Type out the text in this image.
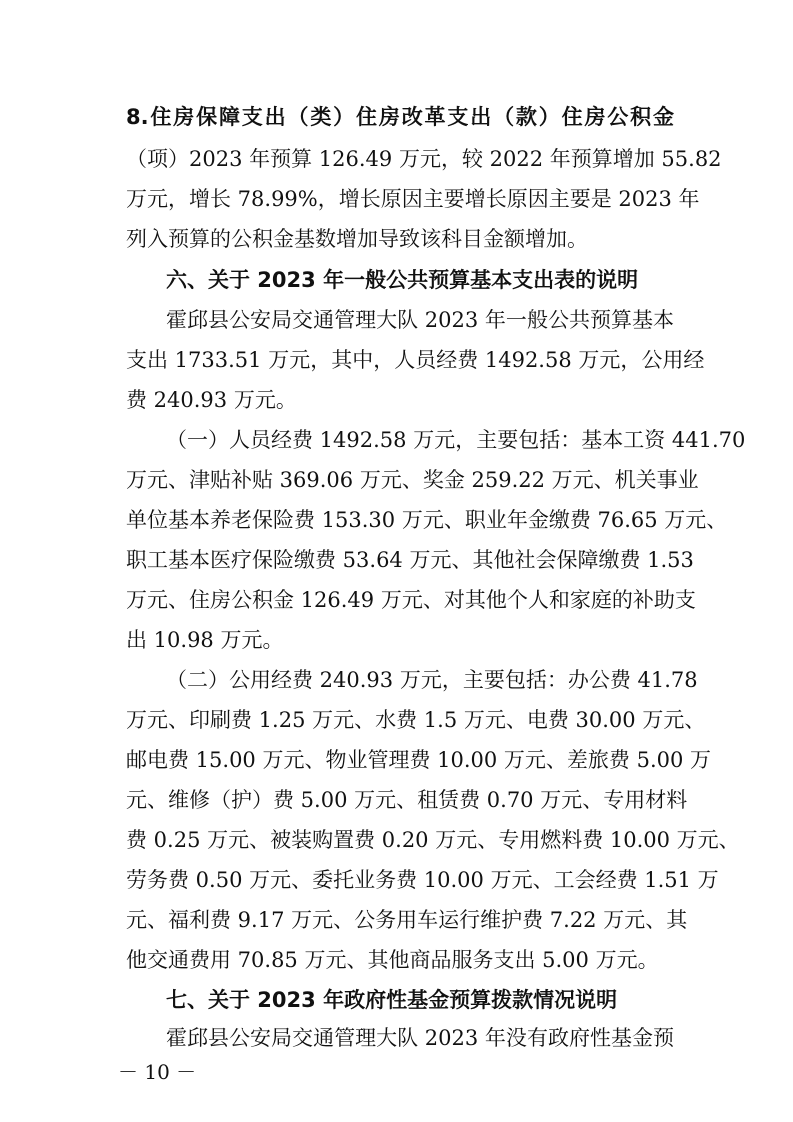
8.住房保障支出（类）住房改革支出（款）住房公积金
（项）2023 年预算 126.49 万元，较 2022 年预算增加 55.82
万元，增长 78.99%，增长原因主要增长原因主要是 2023 年
列入预算的公积金基数增加导致该科目金额增加。
六、关于 2023 年一般公共预算基本支出表的说明
霍邱县公安局交通管理大队 2023 年一般公共预算基本
支出 1733.51 万元，其中，人员经费 1492.58 万元，公用经
费 240.93 万元。
（一）人员经费 1492.58 万元，主要包括：基本工资 441.70
万元、津贴补贴 369.06 万元、奖金 259.22 万元、机关事业
单位基本养老保险费 153.30 万元、职业年金缴费 76.65 万元、
职工基本医疗保险缴费 53.64 万元、其他社会保障缴费 1.53
万元、住房公积金 126.49 万元、对其他个人和家庭的补助支
出 10.98 万元。
（二）公用经费 240.93 万元，主要包括：办公费 41.78
万元、印刷费 1.25 万元、水费 1.5 万元、电费 30.00 万元、
邮电费 15.00 万元、物业管理费 10.00 万元、差旅费 5.00 万
元、维修（护）费 5.00 万元、租赁费 0.70 万元、专用材料
费 0.25 万元、被装购置费 0.20 万元、专用燃料费 10.00 万元、
劳务费 0.50 万元、委托业务费 10.00 万元、工会经费 1.51 万
元、福利费 9.17 万元、公务用车运行维护费 7.22 万元、其
他交通费用 70.85 万元、其他商品服务支出 5.00 万元。
七、关于 2023 年政府性基金预算拨款情况说明
霍邱县公安局交通管理大队 2023 年没有政府性基金预
－ 10 －
